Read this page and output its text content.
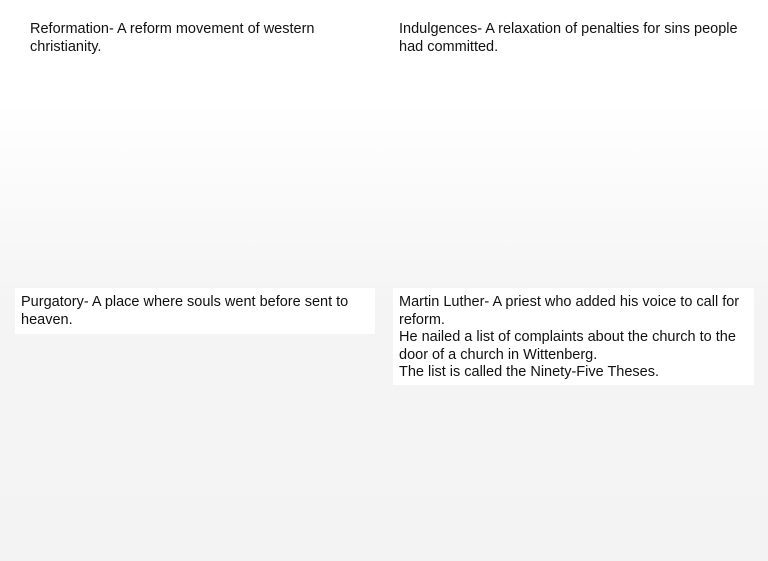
Reformation- A reform movement of western christianity.

Indulgences- A relaxation of penalties for sins people had committed.

Purgatory- A place where souls went before sent to heaven.

Martin Luther- A priest who added his voice to call for reform.

He nailed a list of complaints about the church to the door of a church in Wittenberg.

The list is called the Ninety-Five Theses.
